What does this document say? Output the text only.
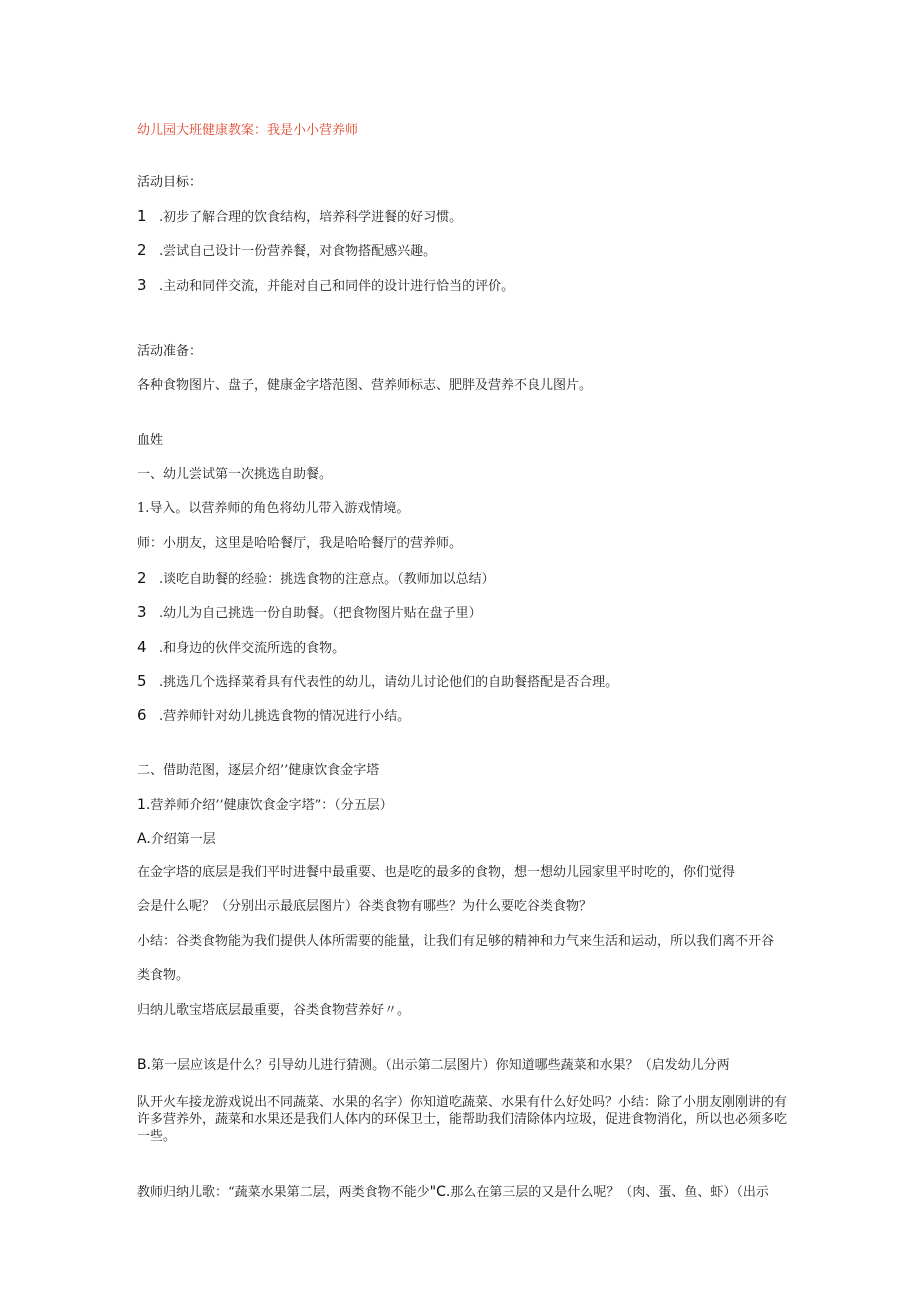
幼儿园大班健康教案：我是小小营养师
活动目标：
1 .初步了解合理的饮食结构，培养科学进餐的好习惯。
2 .尝试自己设计一份营养餐，对食物搭配感兴趣。
3 .主动和同伴交流，并能对自己和同伴的设计进行恰当的评价。
活动准备：
各种食物图片、盘子，健康金字塔范图、营养师标志、肥胖及营养不良儿图片。
血姓
一、幼儿尝试第一次挑选自助餐。
1.导入。以营养师的角色将幼儿带入游戏情境。
师：小朋友，这里是哈哈餐厅，我是哈哈餐厅的营养师。
2 .谈吃自助餐的经验：挑选食物的注意点。（教师加以总结）
3 .幼儿为自己挑选一份自助餐。（把食物图片贴在盘子里）
4 .和身边的伙伴交流所选的食物。
5 .挑选几个选择菜肴具有代表性的幼儿，请幼儿讨论他们的自助餐搭配是否合理。
6 .营养师针对幼儿挑选食物的情况进行小结。
二、借助范图，逐层介绍’’健康饮食金字塔
1.营养师介绍’’健康饮食金字塔”：（分五层）
A.介绍第一层
在金字塔的底层是我们平时进餐中最重要、也是吃的最多的食物，想一想幼儿园家里平时吃的，你们觉得
会是什么呢？（分别出示最底层图片）谷类食物有哪些？为什么要吃谷类食物？
小结：谷类食物能为我们提供人体所需要的能量，让我们有足够的精神和力气来生活和运动，所以我们离不开谷
类食物。
归纳儿歌宝塔底层最重要，谷类食物营养好〃。
B.第一层应该是什么？引导幼儿进行猜测。（出示第二层图片）你知道哪些蔬菜和水果？（启发幼儿分两
队开火车接龙游戏说出不同蔬菜、水果的名字）你知道吃蔬菜、水果有什么好处吗？小结：除了小朋友刚刚讲的有许多营养外，蔬菜和水果还是我们人体内的环保卫士，能帮助我们清除体内垃圾，促进食物消化，所以也必须多吃一些。
教师归纳儿歌：“蔬菜水果第二层，两类食物不能少"C.那么在第三层的又是什么呢？（肉、蛋、鱼、虾）（出示
